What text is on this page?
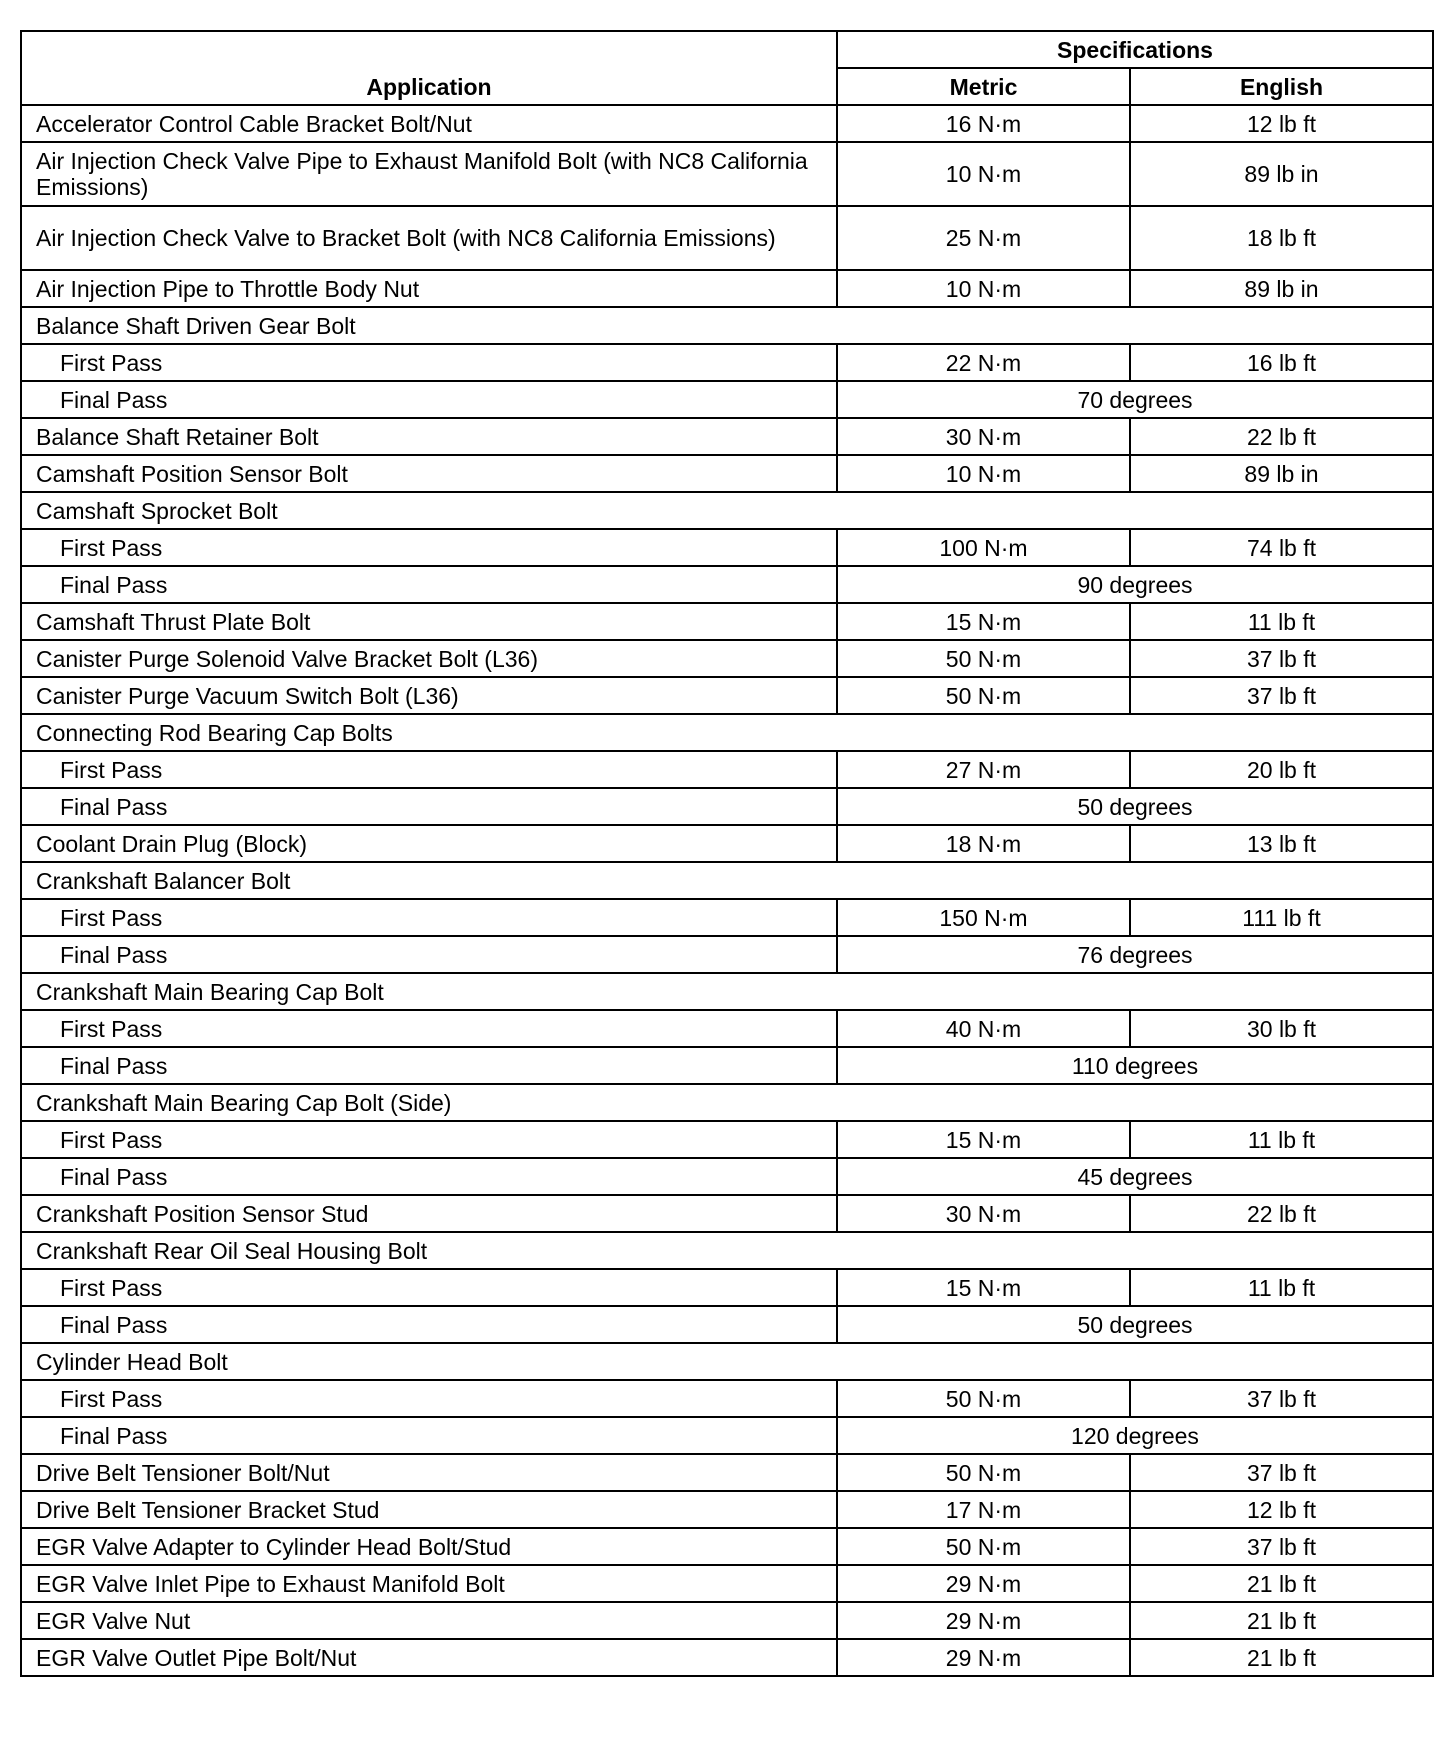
Application	Specifications	
	Metric	English
Accelerator Control Cable Bracket Bolt/Nut	16 N·m	12 lb ft
Air Injection Check Valve Pipe to Exhaust Manifold Bolt (with NC8 California Emissions)	10 N·m	89 lb in
Air Injection Check Valve to Bracket Bolt (with NC8 California Emissions)	25 N·m	18 lb ft
Air Injection Pipe to Throttle Body Nut	10 N·m	89 lb in
Balance Shaft Driven Gear Bolt		
First Pass	22 N·m	16 lb ft
Final Pass	70 degrees	
Balance Shaft Retainer Bolt	30 N·m	22 lb ft
Camshaft Position Sensor Bolt	10 N·m	89 lb in
Camshaft Sprocket Bolt		
First Pass	100 N·m	74 lb ft
Final Pass	90 degrees	
Camshaft Thrust Plate Bolt	15 N·m	11 lb ft
Canister Purge Solenoid Valve Bracket Bolt (L36)	50 N·m	37 lb ft
Canister Purge Vacuum Switch Bolt (L36)	50 N·m	37 lb ft
Connecting Rod Bearing Cap Bolts		
First Pass	27 N·m	20 lb ft
Final Pass	50 degrees	
Coolant Drain Plug (Block)	18 N·m	13 lb ft
Crankshaft Balancer Bolt		
First Pass	150 N·m	111 lb ft
Final Pass	76 degrees	
Crankshaft Main Bearing Cap Bolt		
First Pass	40 N·m	30 lb ft
Final Pass	110 degrees	
Crankshaft Main Bearing Cap Bolt (Side)		
First Pass	15 N·m	11 lb ft
Final Pass	45 degrees	
Crankshaft Position Sensor Stud	30 N·m	22 lb ft
Crankshaft Rear Oil Seal Housing Bolt		
First Pass	15 N·m	11 lb ft
Final Pass	50 degrees	
Cylinder Head Bolt		
First Pass	50 N·m	37 lb ft
Final Pass	120 degrees	
Drive Belt Tensioner Bolt/Nut	50 N·m	37 lb ft
Drive Belt Tensioner Bracket Stud	17 N·m	12 lb ft
EGR Valve Adapter to Cylinder Head Bolt/Stud	50 N·m	37 lb ft
EGR Valve Inlet Pipe to Exhaust Manifold Bolt	29 N·m	21 lb ft
EGR Valve Nut	29 N·m	21 lb ft
EGR Valve Outlet Pipe Bolt/Nut	29 N·m	21 lb ft
